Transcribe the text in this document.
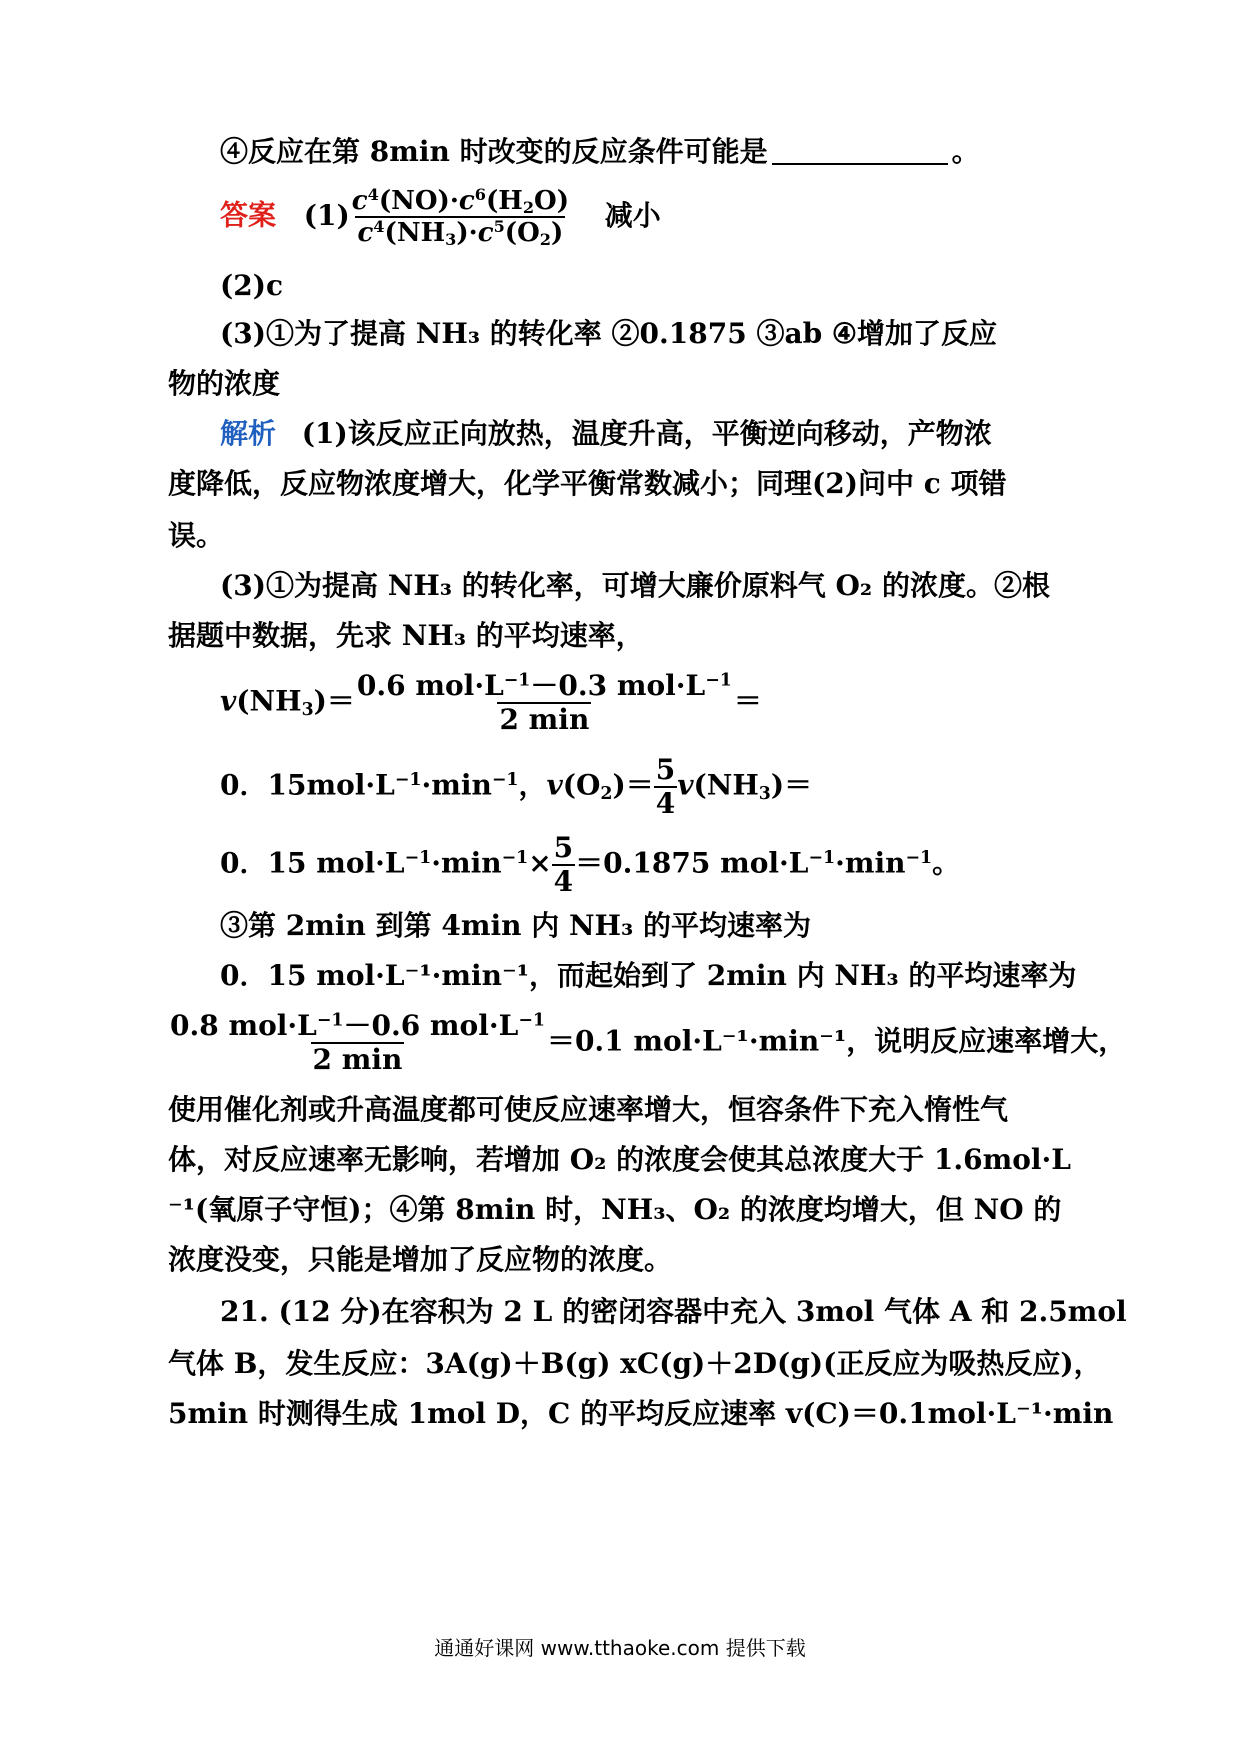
④反应在第 8min 时改变的反应条件可能是	。
答案 $(1) \frac{c^4(NO)\cdot c^6(H_2O)}{c^4(NH_3)\cdot c^5(O_2)}$ 减小
(2)c
(3)①为了提高 NH₃ 的转化率 ②0.1875 ③ab ④增加了反应
物的浓度
解析 (1)该反应正向放热，温度升高，平衡逆向移动，产物浓
度降低，反应物浓度增大，化学平衡常数减小；同理(2)问中 c 项错
误。
(3)①为提高 NH₃ 的转化率，可增大廉价原料气 O₂ 的浓度。②根
据题中数据，先求 NH₃ 的平均速率，
$v(NH_3)= \frac{0.6 mol\cdot L^{-1}-0.3 mol\cdot L^{-1}}{2 \min}$ ＝
0．$15mol\cdot L^{-1}\cdot\min^{-1}$，$v(O_2)= \frac{5}{4} v(NH_3)=$
0．15 $mol\cdot L^{-1}\cdot\min^{-1}\times \frac{5}{4} =0.1875$ $mol\cdot L^{-1}\cdot\min^{-1}$。
③第 2min 到第 4min 内 NH₃ 的平均速率为
0．15 mol·L⁻¹·min⁻¹，而起始到了 2min 内 NH₃ 的平均速率为
$\frac{0.8 mol\cdot L^{-1}-0.6 mol\cdot L^{-1}}{2 \min} =0.1$ mol·L⁻¹·min⁻¹，说明反应速率增大，
使用催化剂或升高温度都可使反应速率增大，恒容条件下充入惰性气
体，对反应速率无影响，若增加 O₂ 的浓度会使其总浓度大于 1.6mol·L
⁻¹(氧原子守恒)；④第 8min 时，NH₃、O₂ 的浓度均增大，但 NO 的
浓度没变，只能是增加了反应物的浓度。
21. (12 分)在容积为 2 L 的密闭容器中充入 3mol 气体 A 和 2.5mol
气体 B，发生反应：3A(g)＋B(g) xC(g)＋2D(g)(正反应为吸热反应)，
5min 时测得生成 1mol D，C 的平均反应速率 v(C)＝0.1mol·L⁻¹·min
通通好课网 www.tthaoke.com 提供下载
